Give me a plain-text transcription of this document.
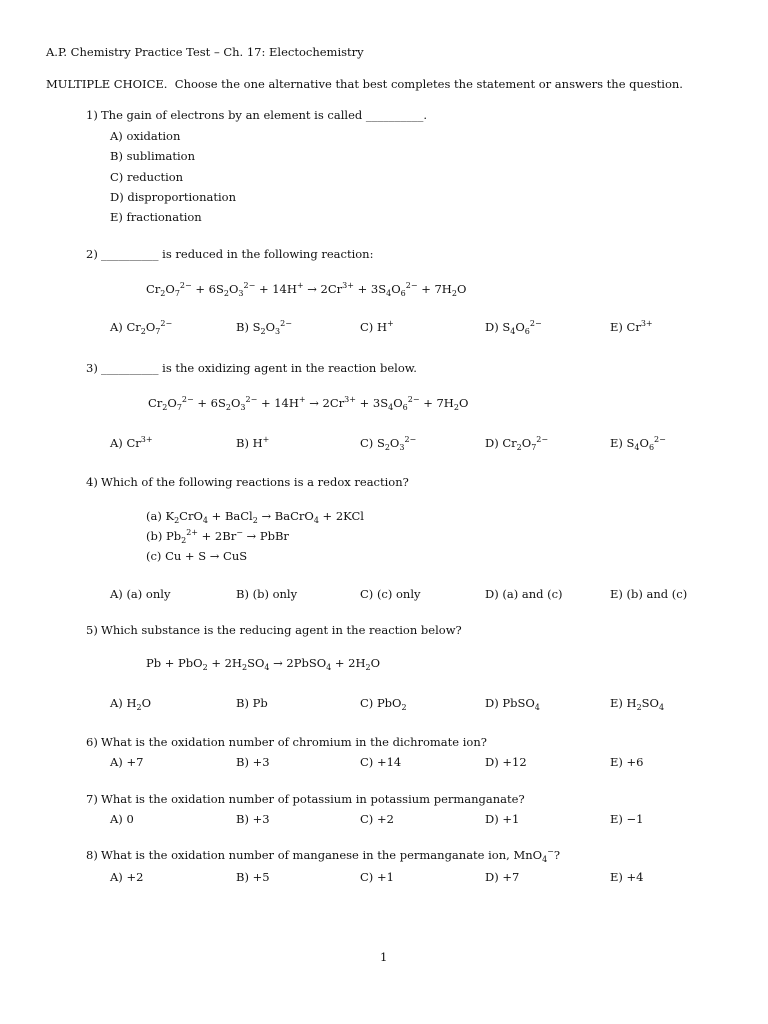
A.P. Chemistry Practice Test – Ch. 17: Electochemistry
MULTIPLE CHOICE. Choose the one alternative that best completes the statement or answers the question.
1) The gain of electrons by an element is called __________.
A) oxidation
B) sublimation
C) reduction
D) disproportionation
E) fractionation
2) __________ is reduced in the following reaction:
$Cr_2O_7^{2-} + 6S_2O_3^{2-} + 14H^+ \to 2Cr^{3+} + 3S_4O_6^{2-} + 7H_2O$
A) $Cr_2O_7^{2-}$	B) $S_2O_3^{2-}$	C) H+	D) $S_4O_6^{2-}$	E) $Cr^{3+}$
3) __________ is the oxidizing agent in the reaction below.
$Cr_2O_7^{2-} + 6S_2O_3^{2-} + 14H^+ \to 2Cr^{3+} + 3S_4O_6^{2-} + 7H_2O$
A) $Cr^{3+}$	B) H+	C) $S_2O_3^{2-}$	D) $Cr_2O_7^{2-}$	E) $S_4O_6^{2-}$
4) Which of the following reactions is a redox reaction?
(a) $K_2CrO_4$ + BaCl$_2$ → BaCrO$_4$ + 2KCl
(b) $Pb_2^{2+} + 2Br^-$ → PbBr
(c) Cu + S → CuS
A) (a) only	B) (b) only	C) (c) only	D) (a) and (c)	E) (b) and (c)
5) Which substance is the reducing agent in the reaction below?
$Pb + PbO_2 + 2H_2SO_4$ → 2PbSO$_4$ + $2H_2O$
A) $H_2O$	B) Pb	C) PbO$_2$	D) PbSO$_4$	E) $H_2SO_4$
6) What is the oxidation number of chromium in the dichromate ion?
A) +7	B) +3	C) +14	D) +12	E) +6
7) What is the oxidation number of potassium in potassium permanganate?
A) 0	B) +3	C) +2	D) +1	E) −1
8) What is the oxidation number of manganese in the permanganate ion, MnO$_4$−?
A) +2	B) +5	C) +1	D) +7	E) +4
1
